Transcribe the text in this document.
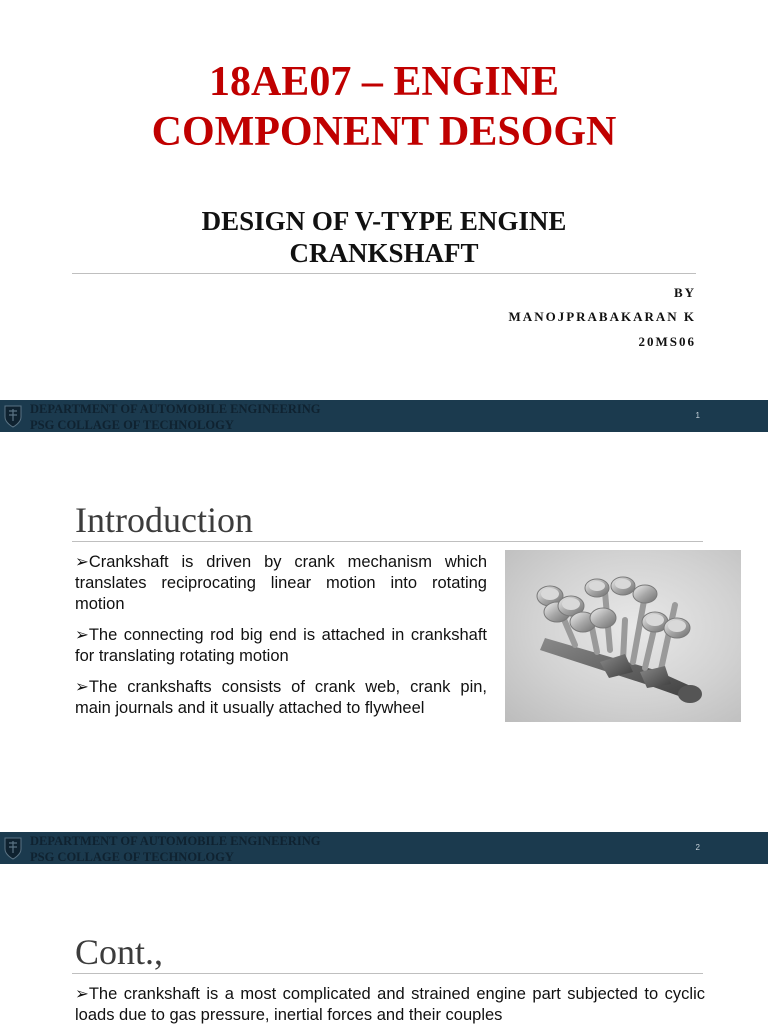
18AE07 – ENGINE
COMPONENT DESOGN
DESIGN OF V-TYPE ENGINE
CRANKSHAFT
BY
MANOJPRABAKARAN K
20MS06
DEPARTMENT OF AUTOMOBILE ENGINEERING
PSG COLLAGE OF TECHNOLOGY
1
Introduction
➢Crankshaft is driven by crank mechanism which translates reciprocating linear motion into rotating motion
➢The connecting rod big end is attached in crankshaft for translating rotating motion
➢The crankshafts consists of crank web, crank pin, main journals and it usually attached to flywheel
DEPARTMENT OF AUTOMOBILE ENGINEERING
PSG COLLAGE OF TECHNOLOGY
2
Cont.,
➢The crankshaft is a most complicated and strained engine part subjected to cyclic loads due to gas pressure, inertial forces and their couples
